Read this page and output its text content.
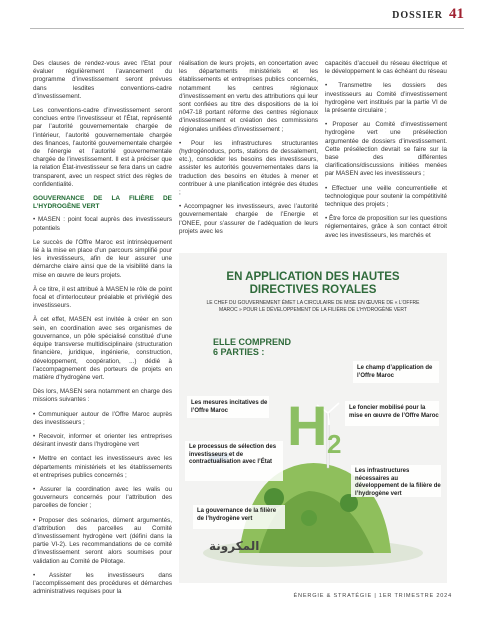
DOSSIER 41

Des clauses de rendez-vous avec l’État pour évaluer régulièrement l’avancement du programme d’investissement seront prévues dans lesdites conventions-cadre d’investissement.

Les conventions-cadre d’investissement seront conclues entre l’investisseur et l’État, représenté par l’autorité gouvernementale chargée de l’intérieur, l’autorité gouvernementale chargée des finances, l’autorité gouvernementale chargée de l’énergie et l’autorité gouvernementale chargée de l’investissement. Il est à préciser que la relation État-investisseur se fera dans un cadre transparent, avec un respect strict des règles de confidentialité.

GOUVERNANCE DE LA FILIÈRE DE L’HYDROGÈNE VERT

• MASEN : point focal auprès des investisseurs potentiels

Le succès de l’Offre Maroc est intrinsèquement lié à la mise en place d’un parcours simplifié pour les investisseurs, afin de leur assurer une démarche claire ainsi que de la visibilité dans la mise en œuvre de leurs projets.

À ce titre, il est attribué à MASEN le rôle de point focal et d’interlocuteur préalable et privilégié des investisseurs.

À cet effet, MASEN est invitée à créer en son sein, en coordination avec ses organismes de gouvernance, un pôle spécialisé constitué d’une équipe transverse multidisciplinaire (structuration financière, juridique, ingénierie, construction, développement, coopération, ...) dédié à l’accompagnement des porteurs de projets en matière d’hydrogène vert.

Dès lors, MASEN sera notamment en charge des missions suivantes :

• Communiquer autour de l’Offre Maroc auprès des investisseurs ;

• Recevoir, informer et orienter les entreprises désirant investir dans l’hydrogène vert

• Mettre en contact les investisseurs avec les départements ministériels et les établissements et entreprises publics concernés ;

• Assurer la coordination avec les walis ou gouverneurs concernés pour l’attribution des parcelles de foncier ;

• Proposer des scénarios, dûment argumentés, d’attribution des parcelles au Comité d’investissement hydrogène vert (défini dans la partie VI-2). Les recommandations de ce comité d’investissement seront alors soumises pour validation au Comité de Pilotage.

• Assister les investisseurs dans l’accomplissement des procédures et démarches administratives requises pour la

réalisation de leurs projets, en concertation avec les départements ministériels et les établissements et entreprises publics concernés, notamment les centres régionaux d’investissement en vertu des attributions qui leur sont confiées au titre des dispositions de la loi n047-18 portant réforme des centres régionaux d’investissement et création des commissions régionales unifiées d’investissement ;

• Pour les infrastructures structurantes (hydrogénoducs, ports, stations de dessalement, etc.), consolider les besoins des investisseurs, assister les autorités gouvernementales dans la traduction des besoins en études à mener et contribuer à une planification intégrée des études ;

• Accompagner les investisseurs, avec l’autorité gouvernementale chargée de l’Energie et l’ONEE, pour s’assurer de l’adéquation de leurs projets avec les

capacités d’accueil du réseau électrique et le développement le cas échéant du réseau

• Transmettre les dossiers des investisseurs au Comité d’investissement hydrogène vert institués par la partie VI de la présente circulaire ;

• Proposer au Comité d’investissement hydrogène vert une présélection argumentée de dossiers d’investissement. Cette présélection devrait se faire sur la base des différentes clarifications/discussions initiées menées par MASEN avec les investisseurs ;

• Effectuer une veille concurrentielle et technologique pour soutenir la compétitivité technique des projets ;

• Être force de proposition sur les questions réglementaires, grâce à son contact étroit avec les investisseurs, les marchés et

H 2
EN APPLICATION DES HAUTES
DIRECTIVES ROYALES
LE CHEF DU GOUVERNEMENT ÉMET LA CIRCULAIRE DE MISE EN ŒUVRE DE « L’OFFRE MAROC » POUR LE DÉVELOPPEMENT DE LA FILIÈRE DE L’HYDROGÈNE VERT
ELLE COMPREND
6 PARTIES :
Le champ d’application de l’Offre Maroc
Les mesures incitatives de l’Offre Maroc	Le foncier mobilisé pour la mise en œuvre de l’Offre Maroc
Le processus de sélection des investisseurs et de contractualisation avec l’État
Les infrastructures nécessaires au développement de la filière de l’hydrogène vert
La gouvernance de la filière de l’hydrogène vert
المكرونة
ÉNERGIE & STRATÉGIE | 1ER TRIMESTRE 2024
